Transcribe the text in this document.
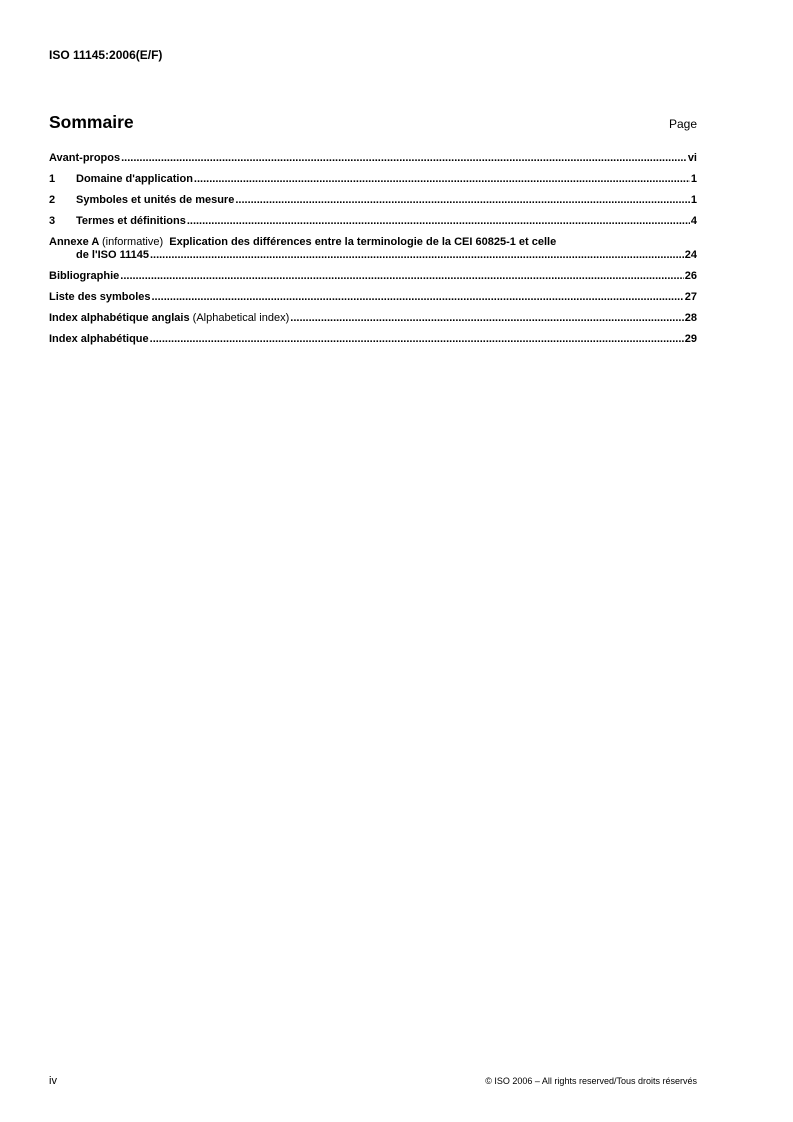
ISO 11145:2006(E/F)
Sommaire	Page
Avant-propos .....	vi
1	Domaine d'application .....	1
2	Symboles et unités de mesure .....	1
3	Termes et définitions .....	4
Annexe A (informative) Explication des différences entre la terminologie de la CEI 60825-1 et celle
de l'ISO 11145 .....	24
Bibliographie .....	26
Liste des symboles .....	27
Index alphabétique anglais
(Alphabetical index) .....	28
Index alphabétique .....	29
iv	© ISO 2006 – All rights reserved/Tous droits réservés
